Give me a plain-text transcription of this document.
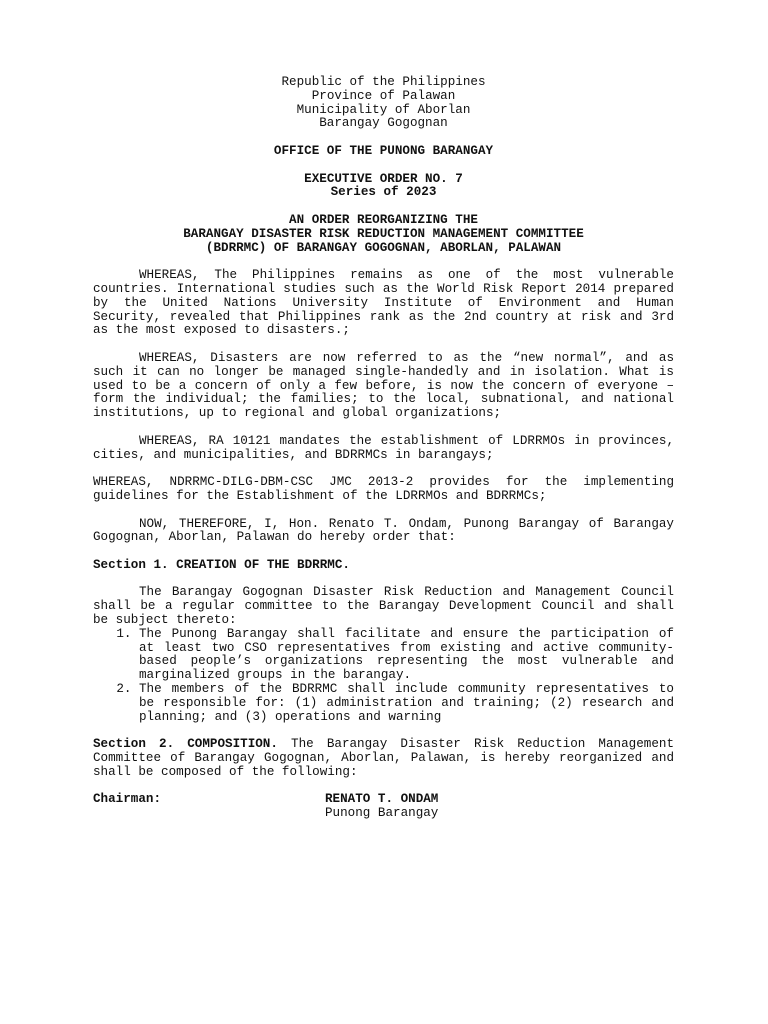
Republic of the Philippines
Province of Palawan
Municipality of Aborlan
Barangay Gogognan

OFFICE OF THE PUNONG BARANGAY

EXECUTIVE ORDER NO. 7
Series of 2023
AN ORDER REORGANIZING THE
BARANGAY DISASTER RISK REDUCTION MANAGEMENT COMMITTEE
(BDRRMC) OF BARANGAY GOGOGNAN, ABORLAN, PALAWAN

WHEREAS, The Philippines remains as one of the most vulnerable countries. International studies such as the World Risk Report 2014 prepared by the United Nations University Institute of Environment and Human Security, revealed that Philippines rank as the 2nd country at risk and 3rd as the most exposed to disasters.;

WHEREAS, Disasters are now referred to as the “new normal”, and as such it can no longer be managed single-handedly and in isolation. What is used to be a concern of only a few before, is now the concern of everyone – form the individual; the families; to the local, subnational, and national institutions, up to regional and global organizations;

WHEREAS, RA 10121 mandates the establishment of LDRRMOs in provinces, cities, and municipalities, and BDRRMCs in barangays;

WHEREAS, NDRRMC-DILG-DBM-CSC JMC 2013-2 provides for the implementing guidelines for the Establishment of the LDRRMOs and BDRRMCs;

NOW, THEREFORE, I, Hon. Renato T. Ondam, Punong Barangay of Barangay Gogognan, Aborlan, Palawan do hereby order that:

Section 1. CREATION OF THE BDRRMC.

The Barangay Gogognan Disaster Risk Reduction and Management Council shall be a regular committee to the Barangay Development Council and shall be subject thereto:

1. The Punong Barangay shall facilitate and ensure the participation of at least two CSO representatives from existing and active community-based people’s organizations representing the most vulnerable and marginalized groups in the barangay.
2. The members of the BDRRMC shall include community representatives to be responsible for: (1) administration and training; (2) research and planning; and (3) operations and warning

Section 2. COMPOSITION. The Barangay Disaster Risk Reduction Management Committee of Barangay Gogognan, Aborlan, Palawan, is hereby reorganized and shall be composed of the following:

Chairman:	RENATO T. ONDAM
Punong Barangay
